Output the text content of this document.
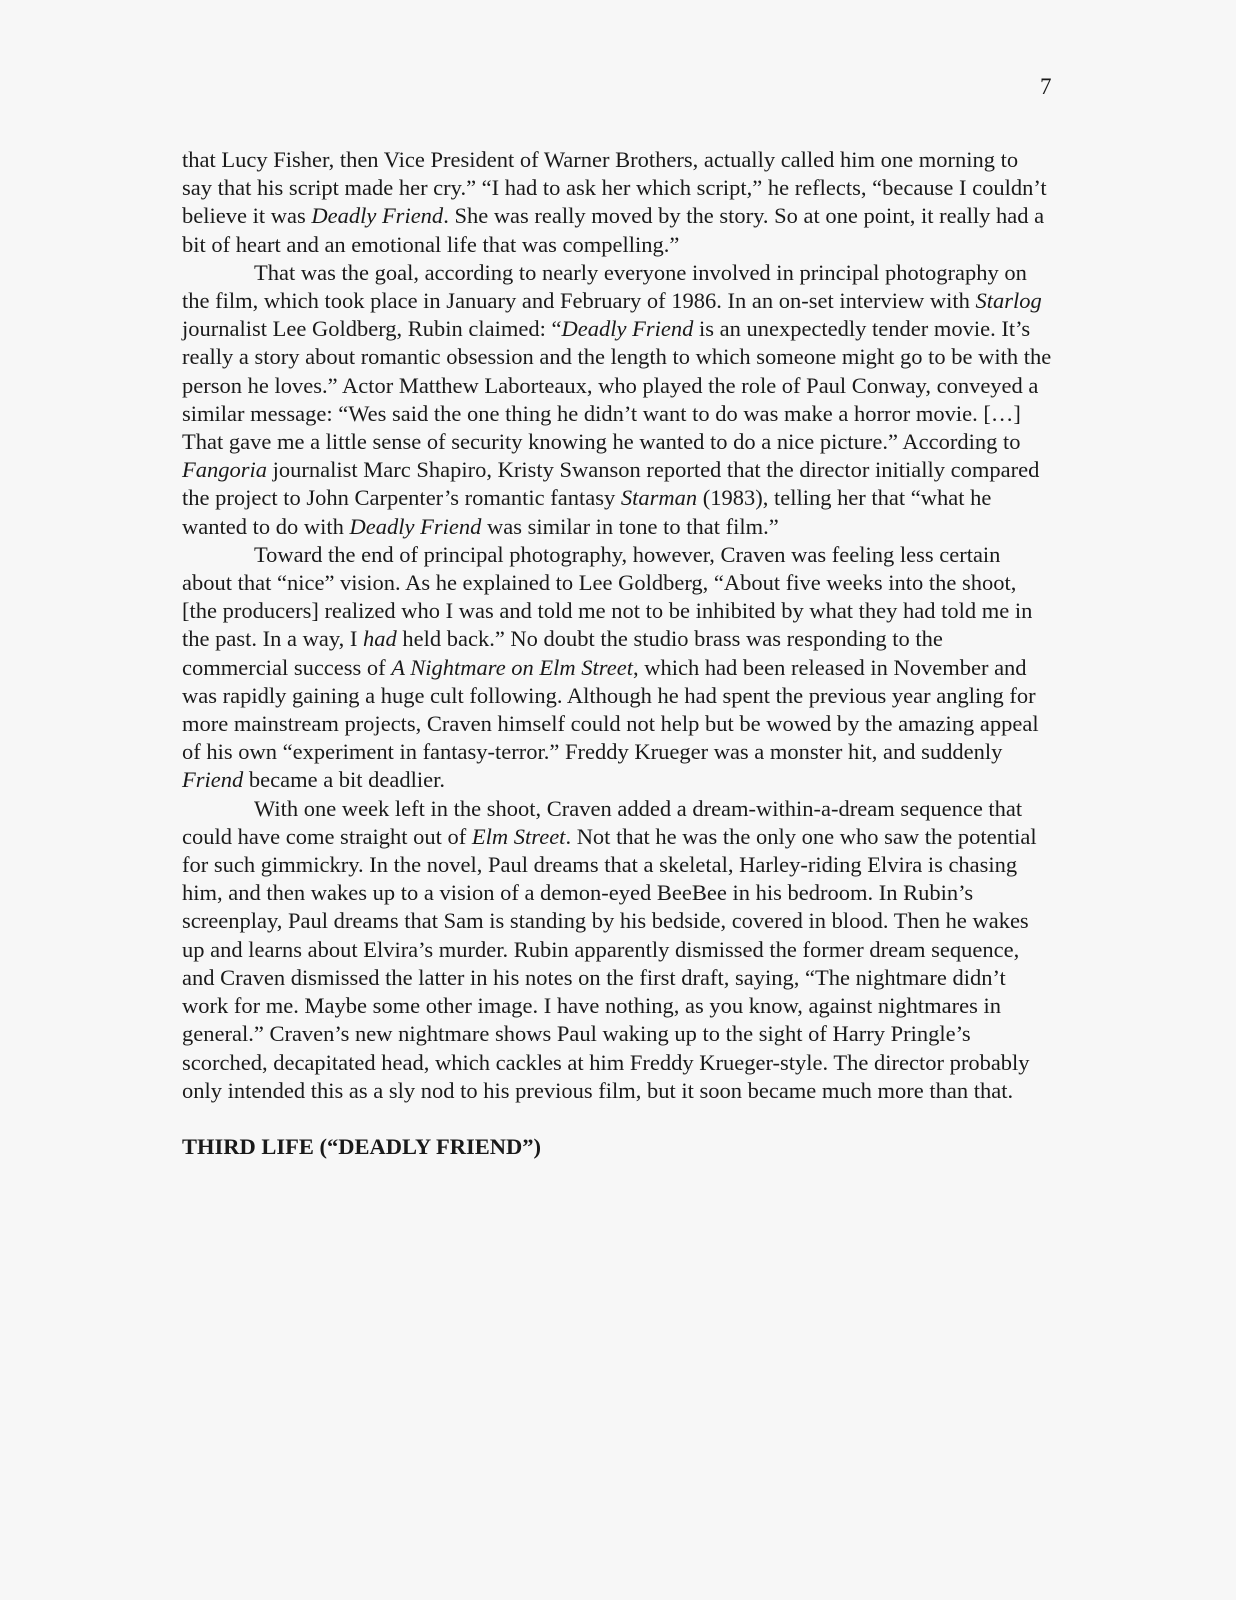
7

that Lucy Fisher, then Vice President of Warner Brothers, actually called him one morning to say that his script made her cry.” “I had to ask her which script,” he reflects, “because I couldn’t believe it was Deadly Friend. She was really moved by the story. So at one point, it really had a bit of heart and an emotional life that was compelling.”

That was the goal, according to nearly everyone involved in principal photography on the film, which took place in January and February of 1986. In an on-set interview with Starlog journalist Lee Goldberg, Rubin claimed: “Deadly Friend is an unexpectedly tender movie. It’s really a story about romantic obsession and the length to which someone might go to be with the person he loves.” Actor Matthew Laborteaux, who played the role of Paul Conway, conveyed a similar message: “Wes said the one thing he didn’t want to do was make a horror movie. […] That gave me a little sense of security knowing he wanted to do a nice picture.” According to Fangoria journalist Marc Shapiro, Kristy Swanson reported that the director initially compared the project to John Carpenter’s romantic fantasy Starman (1983), telling her that “what he wanted to do with Deadly Friend was similar in tone to that film.”

Toward the end of principal photography, however, Craven was feeling less certain about that “nice” vision. As he explained to Lee Goldberg, “About five weeks into the shoot, [the producers] realized who I was and told me not to be inhibited by what they had told me in the past. In a way, I had held back.” No doubt the studio brass was responding to the commercial success of A Nightmare on Elm Street, which had been released in November and was rapidly gaining a huge cult following. Although he had spent the previous year angling for more mainstream projects, Craven himself could not help but be wowed by the amazing appeal of his own “experiment in fantasy-terror.” Freddy Krueger was a monster hit, and suddenly Friend became a bit deadlier.

With one week left in the shoot, Craven added a dream-within-a-dream sequence that could have come straight out of Elm Street. Not that he was the only one who saw the potential for such gimmickry. In the novel, Paul dreams that a skeletal, Harley-riding Elvira is chasing him, and then wakes up to a vision of a demon-eyed BeeBee in his bedroom. In Rubin’s screenplay, Paul dreams that Sam is standing by his bedside, covered in blood. Then he wakes up and learns about Elvira’s murder. Rubin apparently dismissed the former dream sequence, and Craven dismissed the latter in his notes on the first draft, saying, “The nightmare didn’t work for me. Maybe some other image. I have nothing, as you know, against nightmares in general.” Craven’s new nightmare shows Paul waking up to the sight of Harry Pringle’s scorched, decapitated head, which cackles at him Freddy Krueger-style. The director probably only intended this as a sly nod to his previous film, but it soon became much more than that.

THIRD LIFE (“DEADLY FRIEND”)
